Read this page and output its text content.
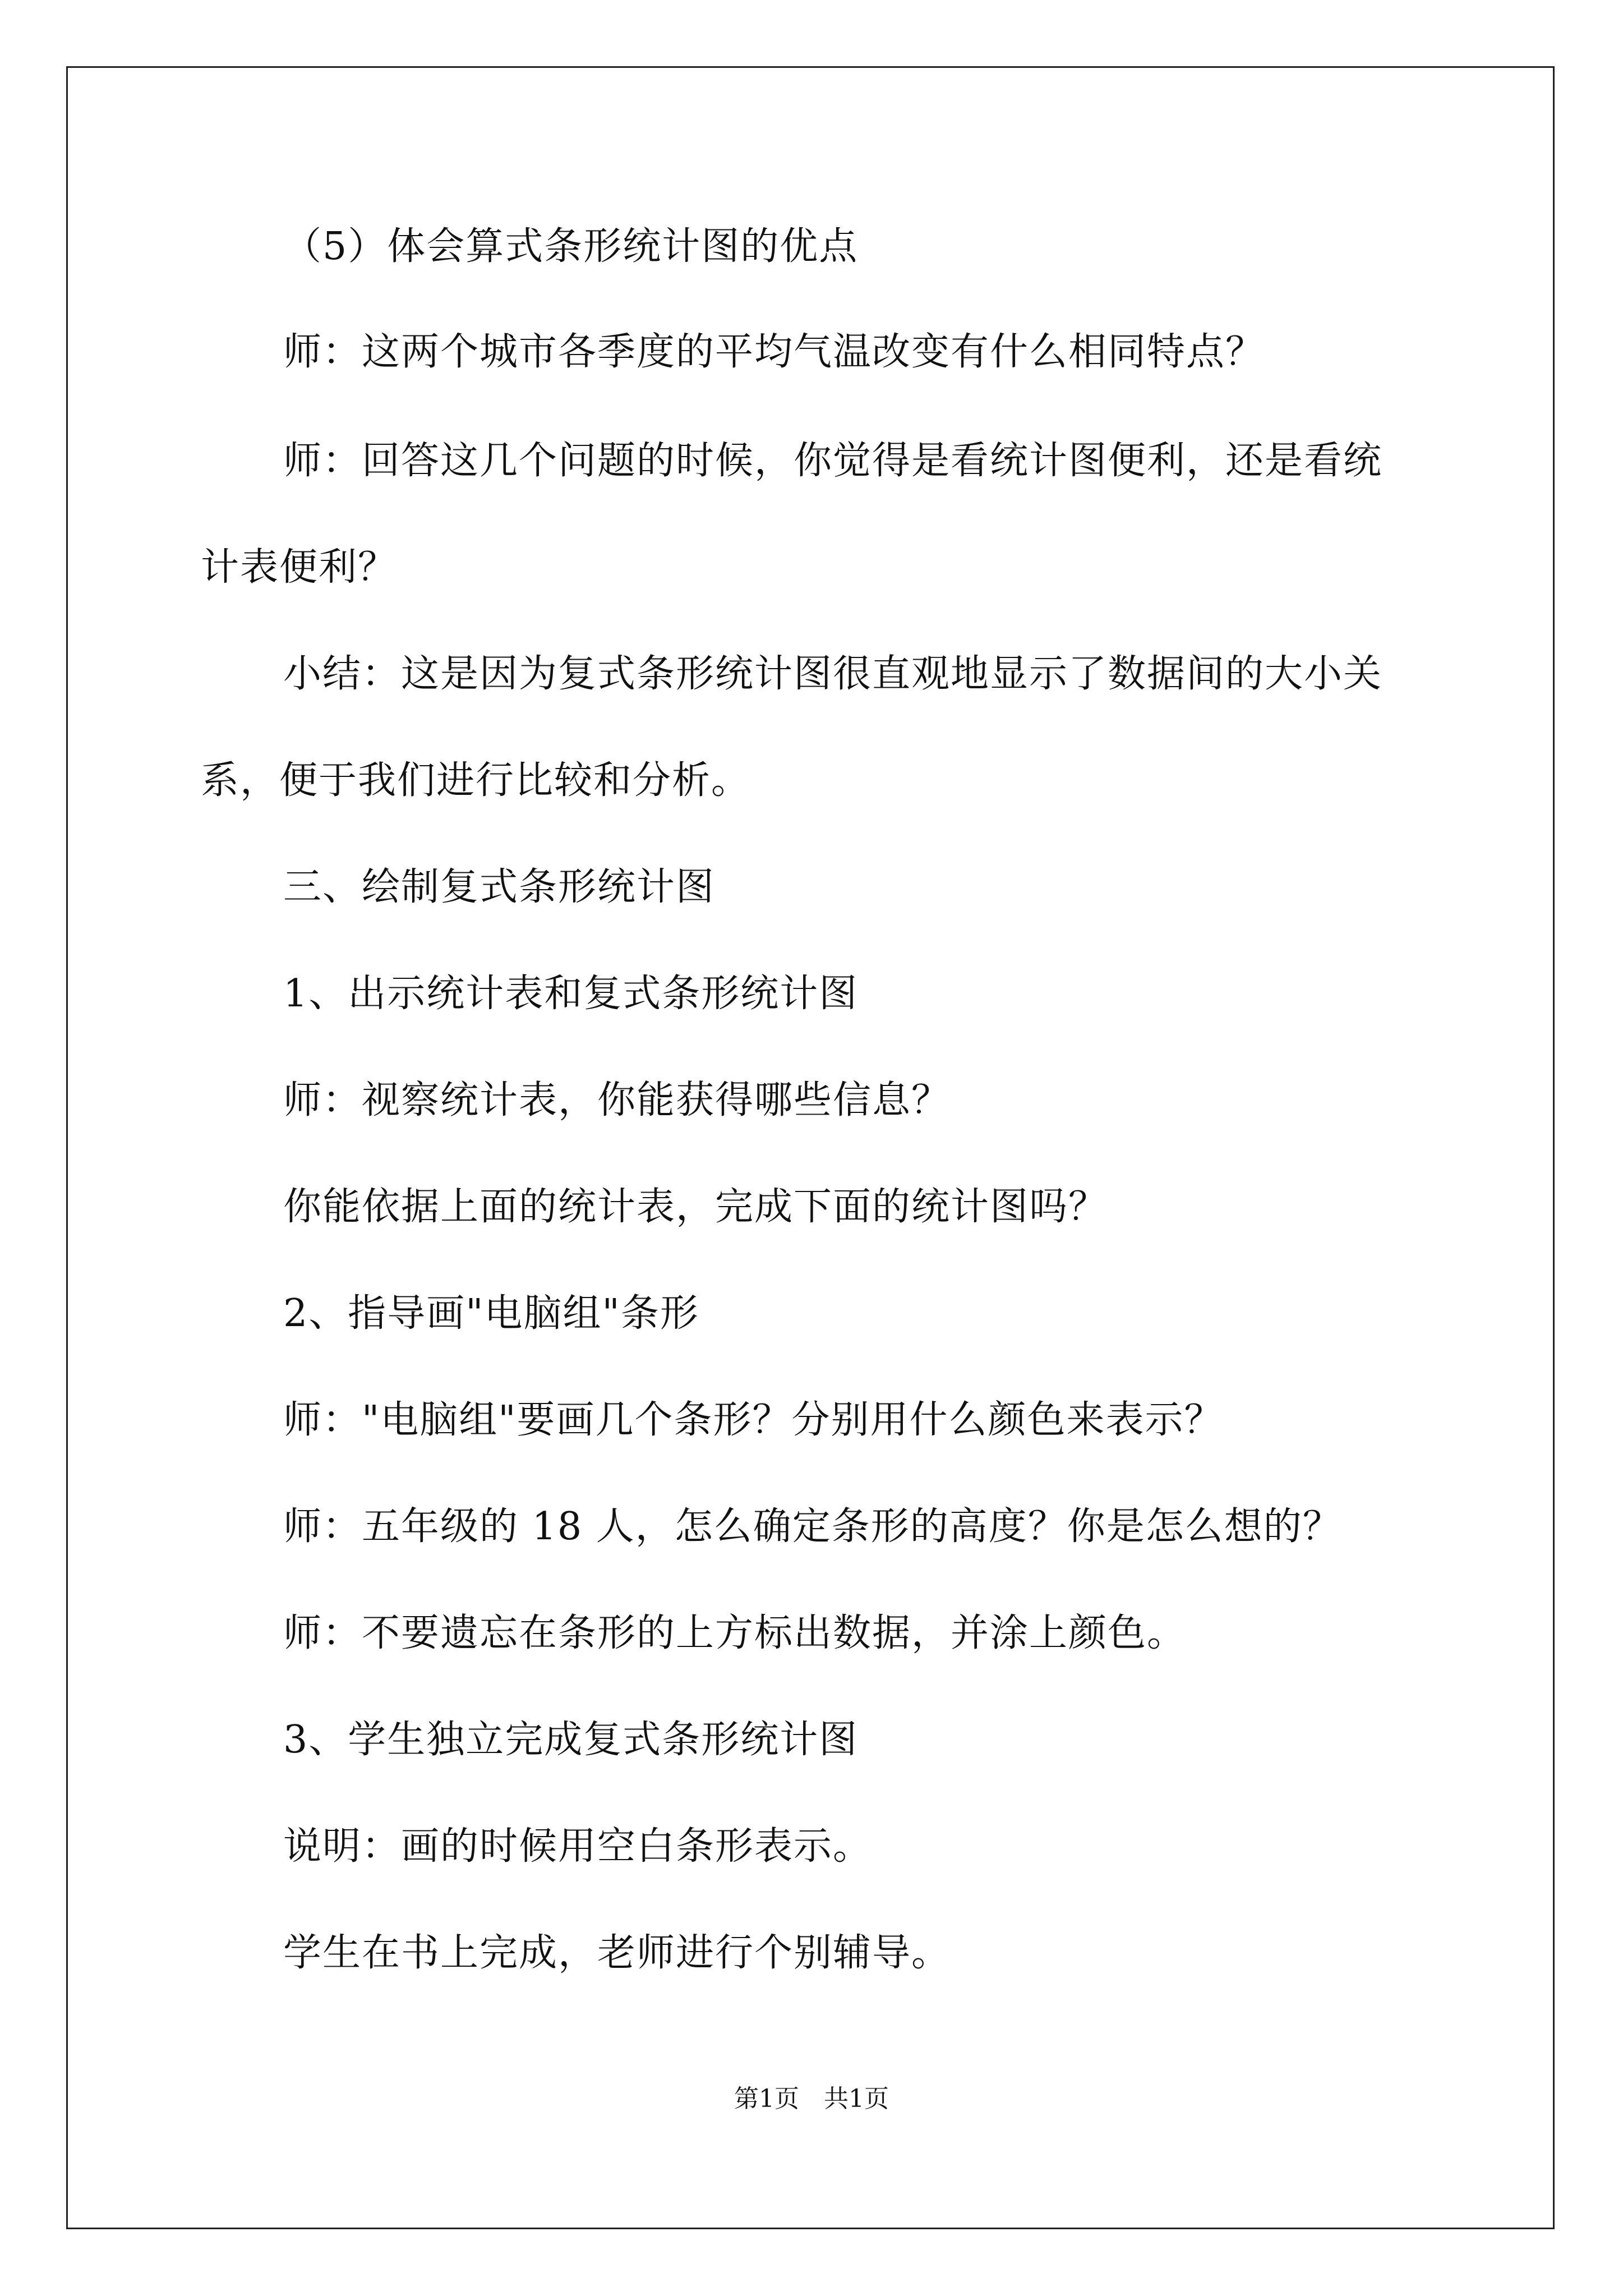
（5）体会算式条形统计图的优点

师：这两个城市各季度的平均气温改变有什么相同特点？

师：回答这几个问题的时候，你觉得是看统计图便利，还是看统

计表便利？

小结：这是因为复式条形统计图很直观地显示了数据间的大小关

系，便于我们进行比较和分析。

三、绘制复式条形统计图

1、出示统计表和复式条形统计图

师：视察统计表，你能获得哪些信息？

你能依据上面的统计表，完成下面的统计图吗？

2、指导画"电脑组"条形

师："电脑组"要画几个条形？分别用什么颜色来表示？

师：五年级的 18 人，怎么确定条形的高度？你是怎么想的？

师：不要遗忘在条形的上方标出数据，并涂上颜色。

3、学生独立完成复式条形统计图

说明：画的时候用空白条形表示。

学生在书上完成，老师进行个别辅导。

第1页　共1页
